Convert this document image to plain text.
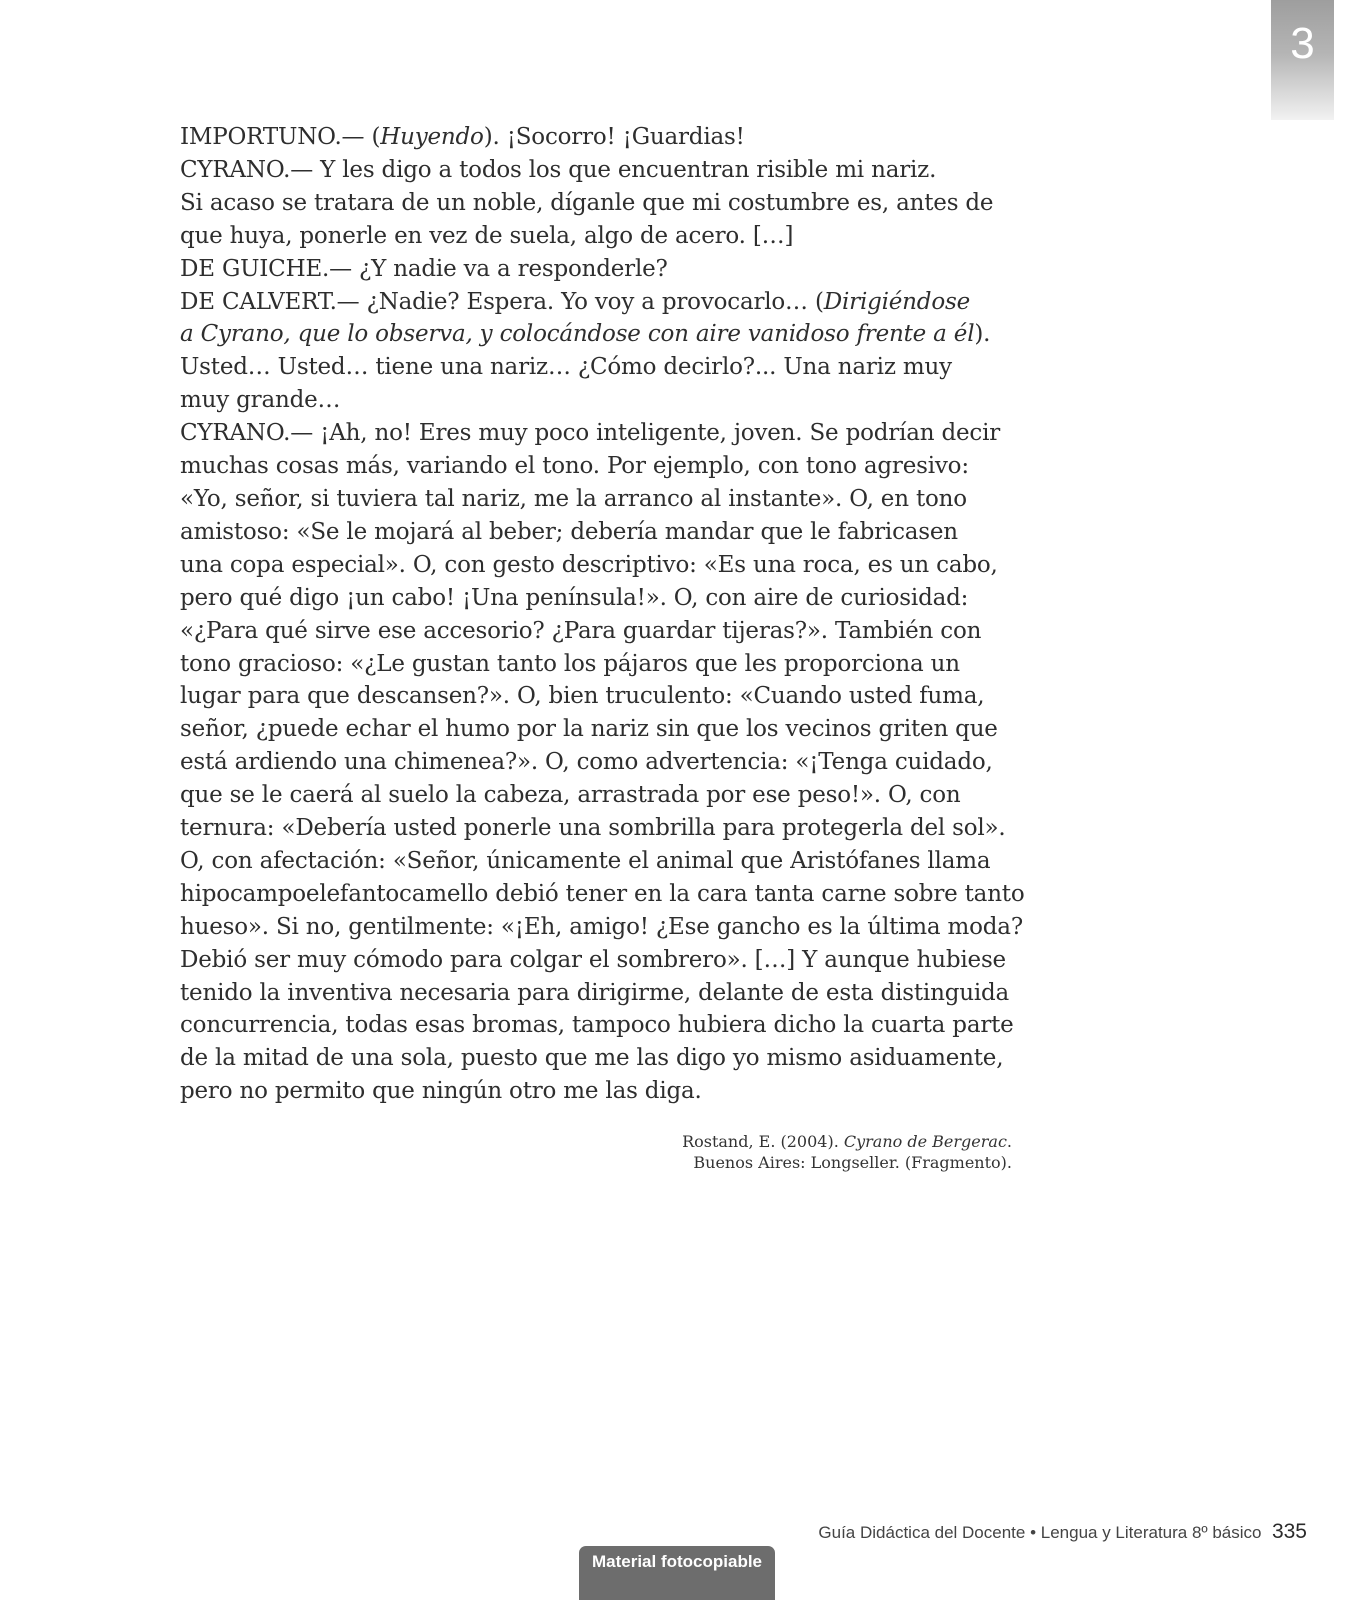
3
IMPORTUNO.— (Huyendo). ¡Socorro! ¡Guardias!
CYRANO.— Y les digo a todos los que encuentran risible mi nariz.
Si acaso se tratara de un noble, díganle que mi costumbre es, antes de
que huya, ponerle en vez de suela, algo de acero. […]
DE GUICHE.— ¿Y nadie va a responderle?
DE CALVERT.— ¿Nadie? Espera. Yo voy a provocarlo… (Dirigiéndose
a Cyrano, que lo observa, y colocándose con aire vanidoso frente a él).
Usted… Usted… tiene una nariz… ¿Cómo decirlo?... Una nariz muy
muy grande…
CYRANO.— ¡Ah, no! Eres muy poco inteligente, joven. Se podrían decir
muchas cosas más, variando el tono. Por ejemplo, con tono agresivo:
«Yo, señor, si tuviera tal nariz, me la arranco al instante». O, en tono
amistoso: «Se le mojará al beber; debería mandar que le fabricasen
una copa especial». O, con gesto descriptivo: «Es una roca, es un cabo,
pero qué digo ¡un cabo! ¡Una península!». O, con aire de curiosidad:
«¿Para qué sirve ese accesorio? ¿Para guardar tijeras?». También con
tono gracioso: «¿Le gustan tanto los pájaros que les proporciona un
lugar para que descansen?». O, bien truculento: «Cuando usted fuma,
señor, ¿puede echar el humo por la nariz sin que los vecinos griten que
está ardiendo una chimenea?». O, como advertencia: «¡Tenga cuidado,
que se le caerá al suelo la cabeza, arrastrada por ese peso!». O, con
ternura: «Debería usted ponerle una sombrilla para protegerla del sol».
O, con afectación: «Señor, únicamente el animal que Aristófanes llama
hipocampoelefantocamello debió tener en la cara tanta carne sobre tanto
hueso». Si no, gentilmente: «¡Eh, amigo! ¿Ese gancho es la última moda?
Debió ser muy cómodo para colgar el sombrero». […] Y aunque hubiese
tenido la inventiva necesaria para dirigirme, delante de esta distinguida
concurrencia, todas esas bromas, tampoco hubiera dicho la cuarta parte
de la mitad de una sola, puesto que me las digo yo mismo asiduamente,
pero no permito que ningún otro me las diga.
Rostand, E. (2004). Cyrano de Bergerac.
Buenos Aires: Longseller. (Fragmento).
Guía Didáctica del Docente • Lengua y Literatura 8º básico 335
Material fotocopiable
